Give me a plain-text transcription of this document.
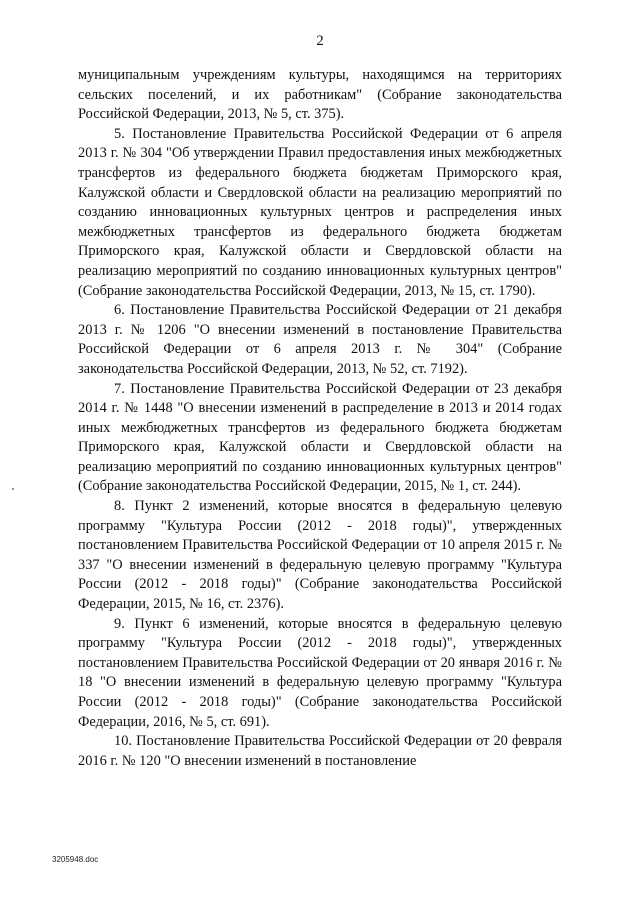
2

муниципальным учреждениям культуры, находящимся на территориях сельских поселений, и их работникам" (Собрание законодательства Российской Федерации, 2013, № 5, ст. 375).

5. Постановление Правительства Российской Федерации от 6 апреля 2013 г. № 304 "Об утверждении Правил предоставления иных межбюджетных трансфертов из федерального бюджета бюджетам Приморского края, Калужской области и Свердловской области на реализацию мероприятий по созданию инновационных культурных центров и распределения иных межбюджетных трансфертов из федерального бюджета бюджетам Приморского края, Калужской области и Свердловской области на реализацию мероприятий по созданию инновационных культурных центров" (Собрание законодательства Российской Федерации, 2013, № 15, ст. 1790).

6. Постановление Правительства Российской Федерации от 21 декабря 2013 г. № 1206 "О внесении изменений в постановление Правительства Российской Федерации от 6 апреля 2013 г. № 304" (Собрание законодательства Российской Федерации, 2013, № 52, ст. 7192).

7. Постановление Правительства Российской Федерации от 23 декабря 2014 г. № 1448 "О внесении изменений в распределение в 2013 и 2014 годах иных межбюджетных трансфертов из федерального бюджета бюджетам Приморского края, Калужской области и Свердловской области на реализацию мероприятий по созданию инновационных культурных центров" (Собрание законодательства Российской Федерации, 2015, № 1, ст. 244).

8. Пункт 2 изменений, которые вносятся в федеральную целевую программу "Культура России (2012 - 2018 годы)", утвержденных постановлением Правительства Российской Федерации от 10 апреля 2015 г. № 337 "О внесении изменений в федеральную целевую программу "Культура России (2012 - 2018 годы)" (Собрание законодательства Российской Федерации, 2015, № 16, ст. 2376).

9. Пункт 6 изменений, которые вносятся в федеральную целевую программу "Культура России (2012 - 2018 годы)", утвержденных постановлением Правительства Российской Федерации от 20 января 2016 г. № 18 "О внесении изменений в федеральную целевую программу "Культура России (2012 - 2018 годы)" (Собрание законодательства Российской Федерации, 2016, № 5, ст. 691).

10. Постановление Правительства Российской Федерации от 20 февраля 2016 г. № 120 "О внесении изменений в постановление

3205948.doc
